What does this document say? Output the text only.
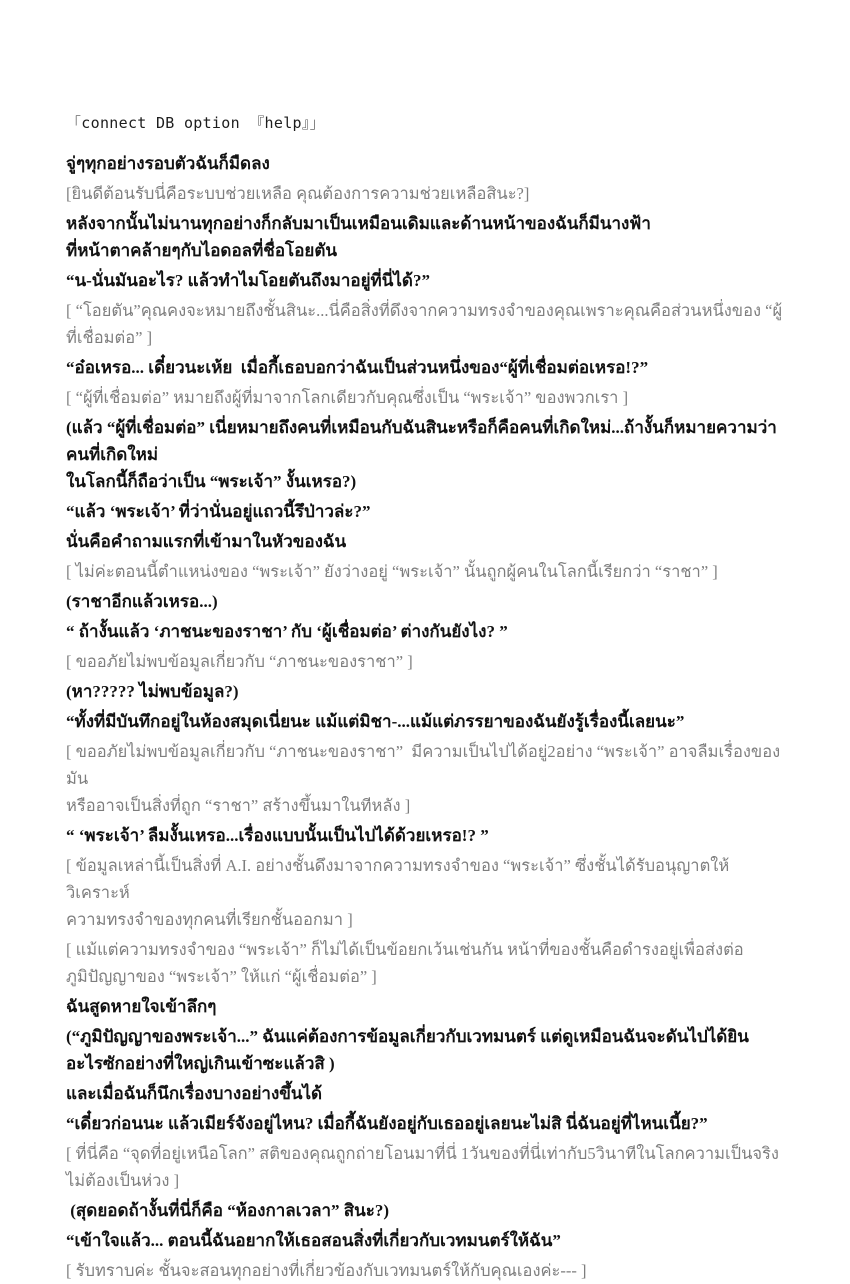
「connect DB option 『help』」
จู่ๆทุกอย่างรอบตัวฉันก็มืดลง
[ยินดีต้อนรับนี่คือระบบช่วยเหลือ คุณต้องการความช่วยเหลือสินะ?]
หลังจากนั้นไม่นานทุกอย่างก็กลับมาเป็นเหมือนเดิมและด้านหน้าของฉันก็มีนางฟ้า
ที่หน้าตาคล้ายๆกับไอดอลที่ชื่อโอยตัน
“น-นั่นมันอะไร? แล้วทำไมโอยตันถึงมาอยู่ที่นี่ได้?”
[ “โอยตัน”คุณคงจะหมายถึงชั้นสินะ...นี่คือสิ่งที่ดึงจากความทรงจำของคุณเพราะคุณคือส่วนหนึ่งของ “ผู้ที่เชื่อมต่อ” ]
“อ๋อเหรอ... เดี๋ยวนะเห้ย  เมื่อกี้เธอบอกว่าฉันเป็นส่วนหนึ่งของ“ผู้ที่เชื่อมต่อเหรอ!?”
[ “ผู้ที่เชื่อมต่อ” หมายถึงผู้ที่มาจากโลกเดียวกับคุณซึ่งเป็น “พระเจ้า” ของพวกเรา ]
(แล้ว “ผู้ที่เชื่อมต่อ” เนี่ยหมายถึงคนที่เหมือนกับฉันสินะหรือก็คือคนที่เกิดใหม่...ถ้างั้นก็หมายความว่าคนที่เกิดใหม่
ในโลกนี้ก็ถือว่าเป็น “พระเจ้า” งั้นเหรอ?)
“แล้ว ‘พระเจ้า’ ที่ว่านั่นอยู่แถวนี้รึป่าวล่ะ?”
นั่นคือคำถามแรกที่เข้ามาในหัวของฉัน
[ ไม่ค่ะตอนนี้ตำแหน่งของ “พระเจ้า” ยังว่างอยู่ “พระเจ้า” นั้นถูกผู้คนในโลกนี้เรียกว่า “ราชา” ]
(ราชาอีกแล้วเหรอ...)
“ ถ้างั้นแล้ว ‘ภาชนะของราชา’ กับ ‘ผู้เชื่อมต่อ’ ต่างกันยังไง? ”
[ ขออภัยไม่พบข้อมูลเกี่ยวกับ “ภาชนะของราชา” ]
(หา????? ไม่พบข้อมูล?)
“ทั้งที่มีบันทึกอยู่ในห้องสมุดเนี่ยนะ แม้แต่มิชา-...แม้แต่ภรรยาของฉันยังรู้เรื่องนี้เลยนะ”
[ ขออภัยไม่พบข้อมูลเกี่ยวกับ “ภาชนะของราชา”  มีความเป็นไปได้อยู่2อย่าง “พระเจ้า” อาจลืมเรื่องของมัน
หรืออาจเป็นสิ่งที่ถูก “ราชา” สร้างขึ้นมาในทีหลัง ]
“ ‘พระเจ้า’ ลืมงั้นเหรอ...เรื่องแบบนั้นเป็นไปได้ด้วยเหรอ!? ”
[ ข้อมูลเหล่านี้เป็นสิ่งที่ A.I. อย่างชั้นดึงมาจากความทรงจำของ “พระเจ้า” ซึ่งชั้นได้รับอนุญาตให้วิเคราะห์
ความทรงจำของทุกคนที่เรียกชั้นออกมา ]
[ แม้แต่ความทรงจำของ “พระเจ้า” ก็ไม่ได้เป็นข้อยกเว้นเช่นกัน หน้าที่ของชั้นคือดำรงอยู่เพื่อส่งต่อ
ภูมิปัญญาของ “พระเจ้า” ให้แก่ “ผู้เชื่อมต่อ” ]
ฉันสูดหายใจเข้าลึกๆ
(“ภูมิปัญญาของพระเจ้า...” ฉันแค่ต้องการข้อมูลเกี่ยวกับเวทมนตร์ แต่ดูเหมือนฉันจะดันไปได้ยิน
อะไรซักอย่างที่ใหญ่เกินเข้าซะแล้วสิ )
และเมื่อฉันก็นึกเรื่องบางอย่างขึ้นได้
“เดี๋ยวก่อนนะ แล้วเมียร์จังอยู่ไหน? เมื่อกี้ฉันยังอยู่กับเธออยู่เลยนะไม่สิ นี่ฉันอยู่ที่ไหนเนี้ย?”
[ ที่นี่คือ “จุดที่อยู่เหนือโลก” สติของคุณถูกถ่ายโอนมาที่นี่ 1วันของที่นี่เท่ากับ5วินาทีในโลกความเป็นจริง
ไม่ต้องเป็นห่วง ]
(สุดยอดถ้างั้นที่นี่ก็คือ “ห้องกาลเวลา” สินะ?)
“เข้าใจแล้ว... ตอนนี้ฉันอยากให้เธอสอนสิ่งที่เกี่ยวกับเวทมนตร์ให้ฉัน”
[ รับทราบค่ะ ชั้นจะสอนทุกอย่างที่เกี่ยวข้องกับเวทมนตร์ให้กับคุณเองค่ะ--- ]
